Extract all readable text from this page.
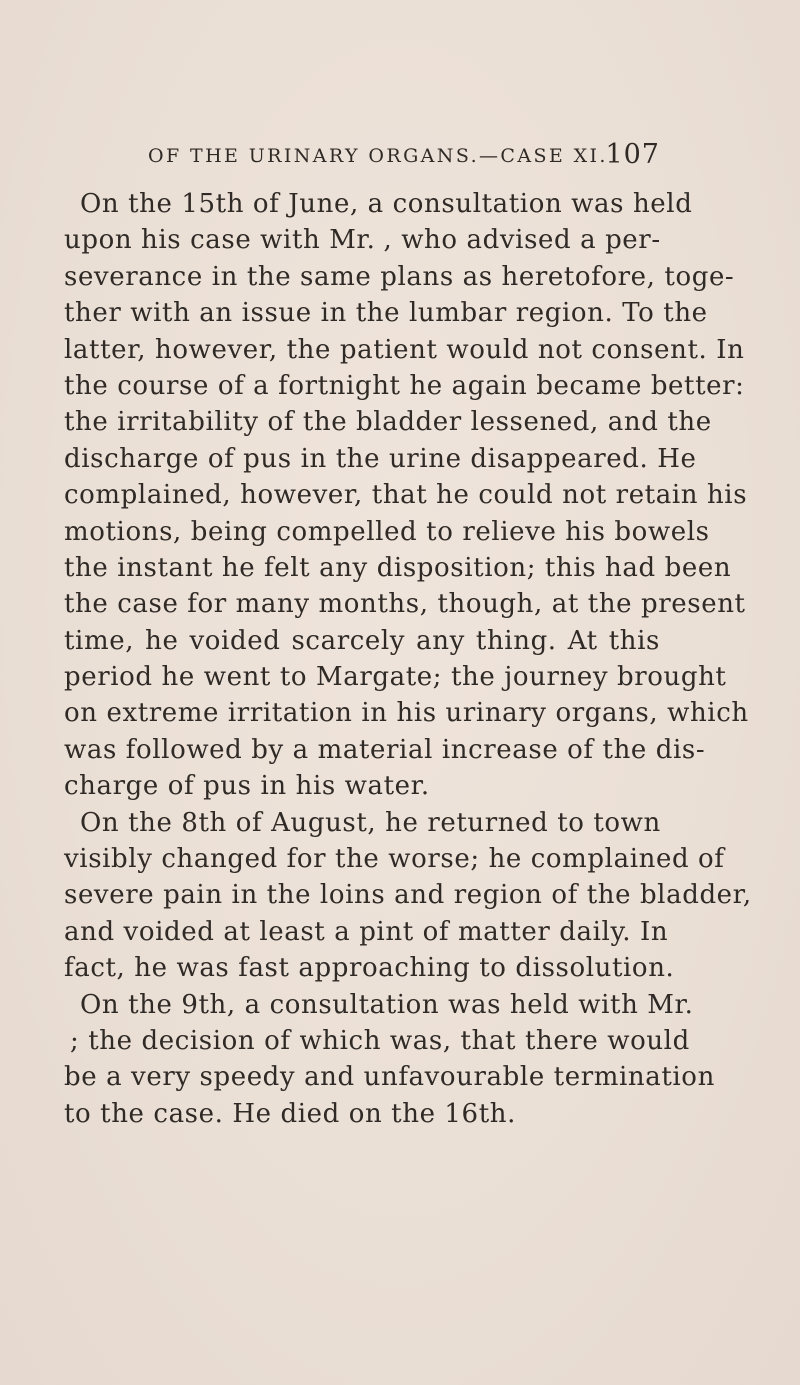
OF THE URINARY ORGANS.—CASE XI.
107
On the 15th of June, a consultation was held
upon his case with Mr. , who advised a per-
severance in the same plans as heretofore, toge-
ther with an issue in the lumbar region. To the
latter, however, the patient would not consent. In
the course of a fortnight he again became better:
the irritability of the bladder lessened, and the
discharge of pus in the urine disappeared. He
complained, however, that he could not retain his
motions, being compelled to relieve his bowels
the instant he felt any disposition; this had been
the case for many months, though, at the present
time, he voided scarcely any thing. At this
period he went to Margate; the journey brought
on extreme irritation in his urinary organs, which
was followed by a material increase of the dis-
charge of pus in his water.
On the 8th of August, he returned to town
visibly changed for the worse; he complained of
severe pain in the loins and region of the bladder,
and voided at least a pint of matter daily. In
fact, he was fast approaching to dissolution.
On the 9th, a consultation was held with Mr.
; the decision of which was, that there would
be a very speedy and unfavourable termination
to the case. He died on the 16th.
